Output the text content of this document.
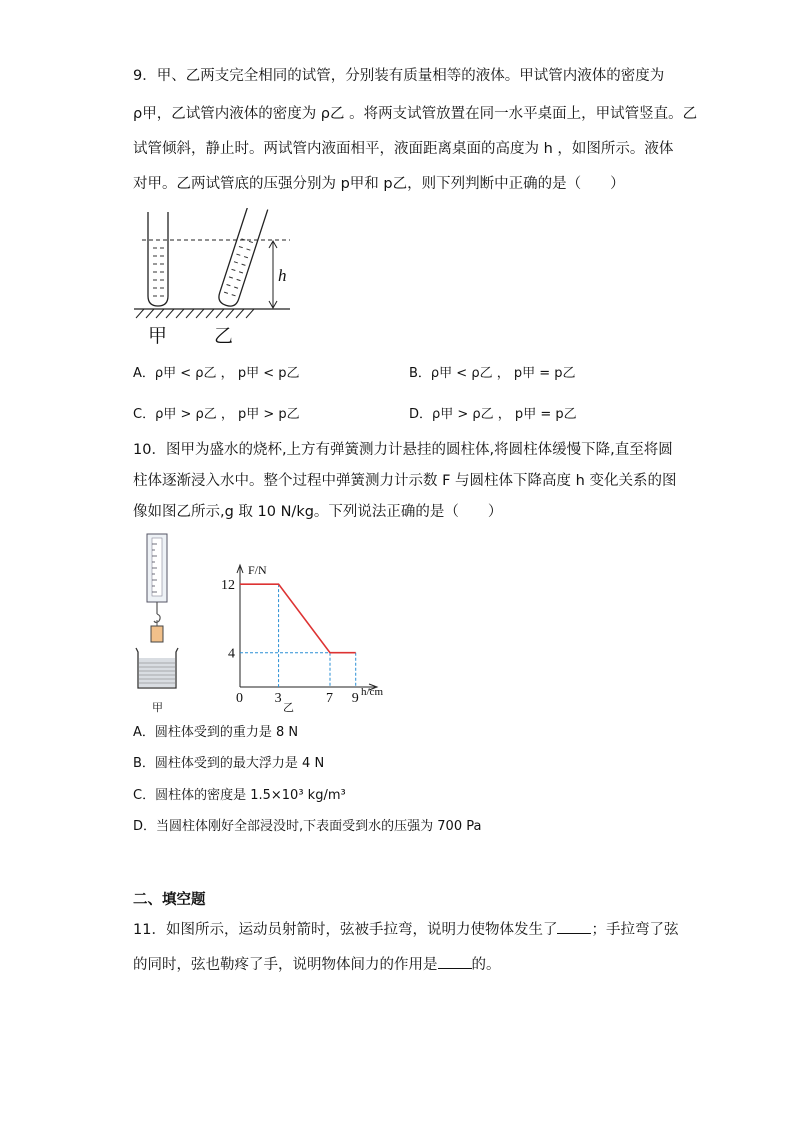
9．甲、乙两支完全相同的试管，分别装有质量相等的液体。甲试管内液体的密度为
ρ甲，乙试管内液体的密度为 ρ乙 。将两支试管放置在同一水平桌面上，甲试管竖直。乙
试管倾斜，静止时。两试管内液面相平，液面距离桌面的高度为 h ，如图所示。液体
对甲。乙两试管底的压强分别为 p甲和 p乙，则下列判断中正确的是（　　）
h
甲 乙
A．ρ甲 < ρ乙 ， p甲 < p乙	B．ρ甲 < ρ乙 ， p甲 = p乙
C．ρ甲 > ρ乙 ， p甲 > p乙	D．ρ甲 > ρ乙 ， p甲 = p乙
10．图甲为盛水的烧杯,上方有弹簧测力计悬挂的圆柱体,将圆柱体缓慢下降,直至将圆
柱体逐渐浸入水中。整个过程中弹簧测力计示数 F 与圆柱体下降高度 h 变化关系的图
像如图乙所示,g 取 10 N/kg。下列说法正确的是（　　）
甲
F/N
h/cm
0 3	7 9
12
4
乙
A．圆柱体受到的重力是 8 N
B．圆柱体受到的最大浮力是 4 N
C．圆柱体的密度是 1.5×10³ kg/m³
D．当圆柱体刚好全部浸没时,下表面受到水的压强为 700 Pa
二、填空题
11．如图所示，运动员射箭时，弦被手拉弯，说明力使物体发生了 ；手拉弯了弦
的同时，弦也勒疼了手，说明物体间力的作用是 的。
